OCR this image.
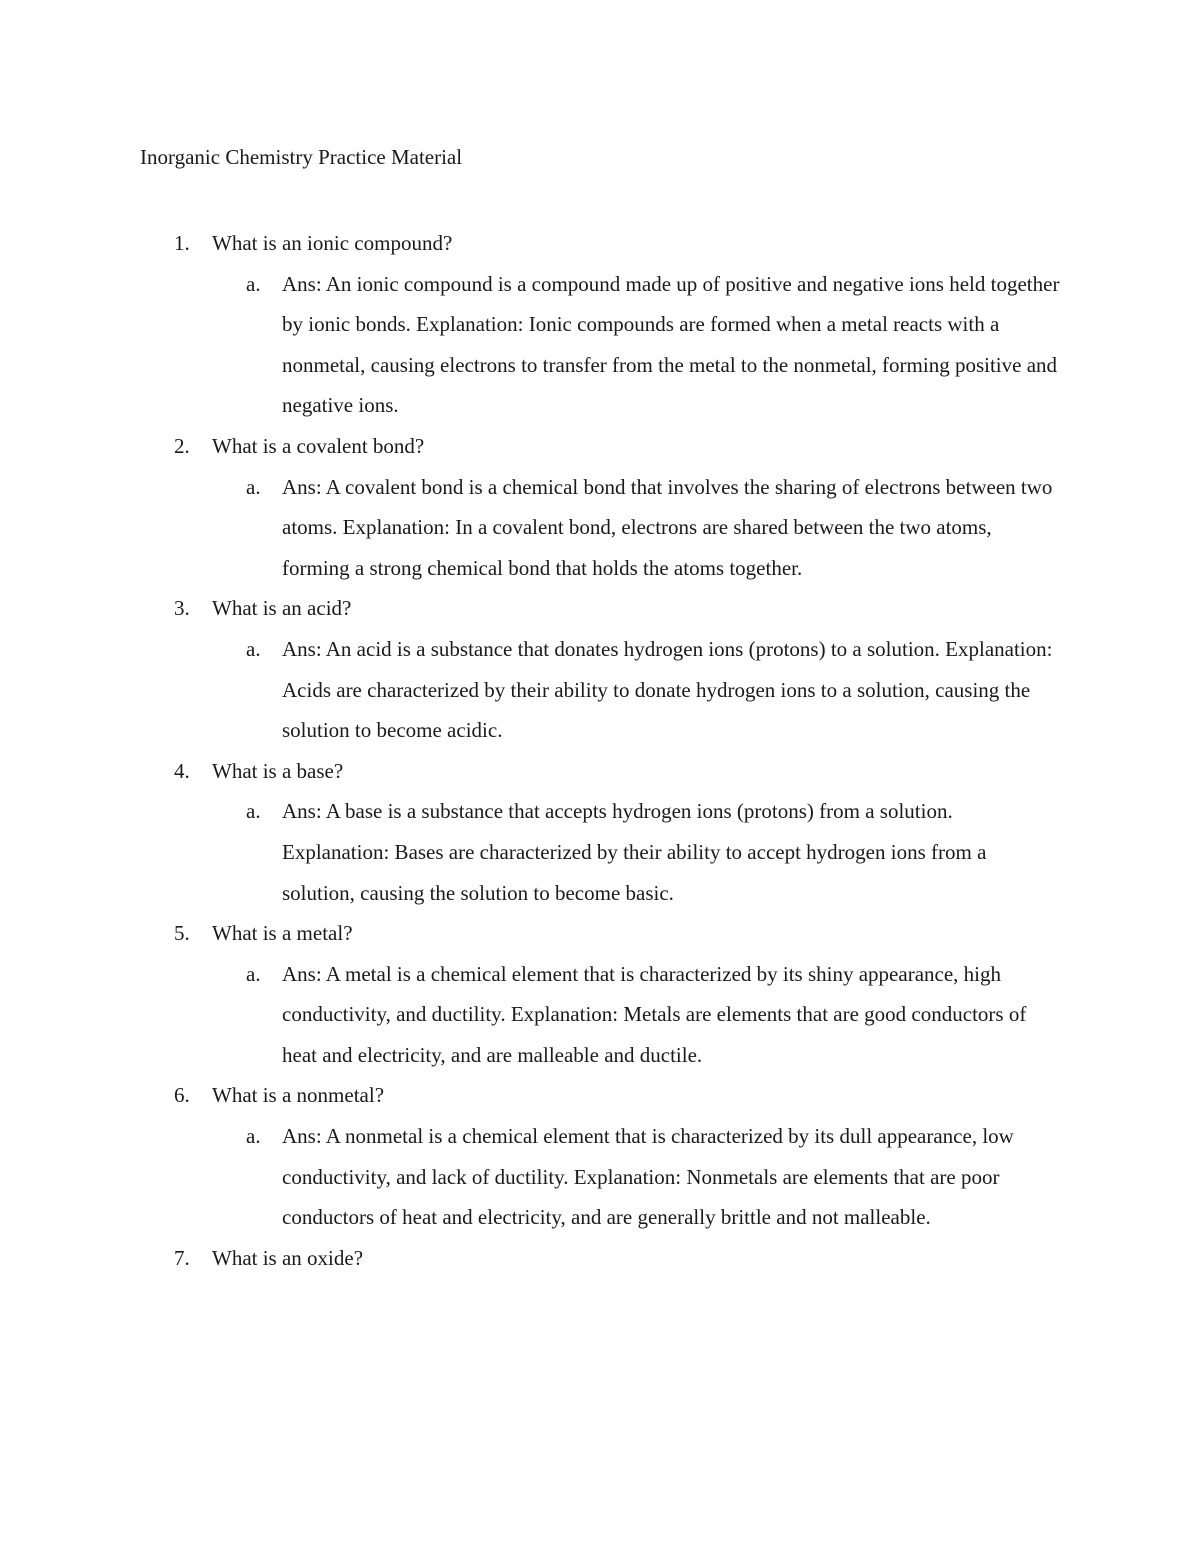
Inorganic Chemistry Practice Material
1. What is an ionic compound?
a. Ans: An ionic compound is a compound made up of positive and negative ions held together by ionic bonds. Explanation: Ionic compounds are formed when a metal reacts with a nonmetal, causing electrons to transfer from the metal to the nonmetal, forming positive and negative ions.
2. What is a covalent bond?
a. Ans: A covalent bond is a chemical bond that involves the sharing of electrons between two atoms. Explanation: In a covalent bond, electrons are shared between the two atoms, forming a strong chemical bond that holds the atoms together.
3. What is an acid?
a. Ans: An acid is a substance that donates hydrogen ions (protons) to a solution. Explanation: Acids are characterized by their ability to donate hydrogen ions to a solution, causing the solution to become acidic.
4. What is a base?
a. Ans: A base is a substance that accepts hydrogen ions (protons) from a solution. Explanation: Bases are characterized by their ability to accept hydrogen ions from a solution, causing the solution to become basic.
5. What is a metal?
a. Ans: A metal is a chemical element that is characterized by its shiny appearance, high conductivity, and ductility. Explanation: Metals are elements that are good conductors of heat and electricity, and are malleable and ductile.
6. What is a nonmetal?
a. Ans: A nonmetal is a chemical element that is characterized by its dull appearance, low conductivity, and lack of ductility. Explanation: Nonmetals are elements that are poor conductors of heat and electricity, and are generally brittle and not malleable.
7. What is an oxide?
